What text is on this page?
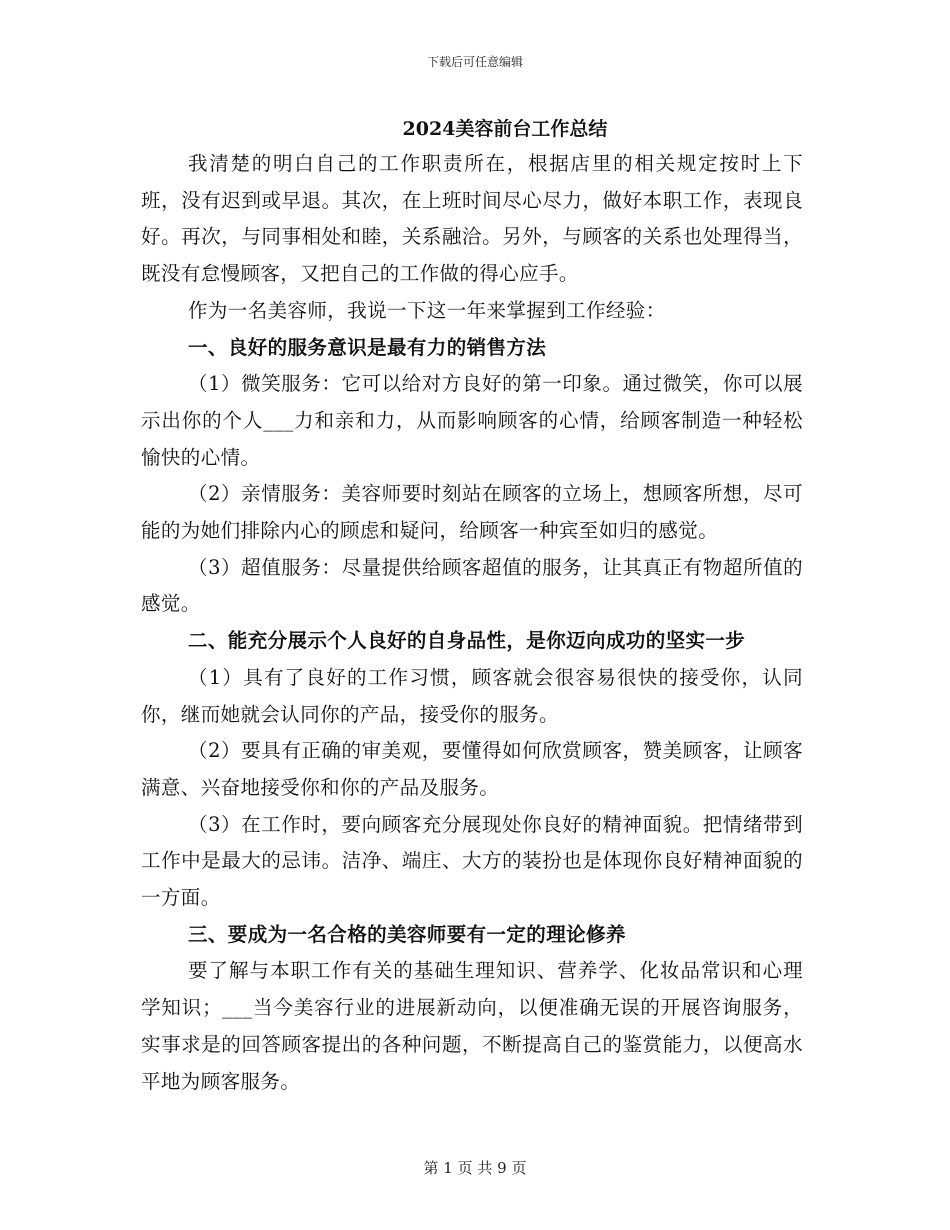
下载后可任意编辑
2024美容前台工作总结

我清楚的明白自己的工作职责所在，根据店里的相关规定按时上下班，没有迟到或早退。其次，在上班时间尽心尽力，做好本职工作，表现良好。再次，与同事相处和睦，关系融洽。另外，与顾客的关系也处理得当，既没有怠慢顾客，又把自己的工作做的得心应手。

作为一名美容师，我说一下这一年来掌握到工作经验：

一、良好的服务意识是最有力的销售方法

（1）微笑服务：它可以给对方良好的第一印象。通过微笑，你可以展示出你的个人___力和亲和力，从而影响顾客的心情，给顾客制造一种轻松愉快的心情。

（2）亲情服务：美容师要时刻站在顾客的立场上，想顾客所想，尽可能的为她们排除内心的顾虑和疑问，给顾客一种宾至如归的感觉。

（3）超值服务：尽量提供给顾客超值的服务，让其真正有物超所值的感觉。

二、能充分展示个人良好的自身品性，是你迈向成功的坚实一步

（1）具有了良好的工作习惯，顾客就会很容易很快的接受你，认同你，继而她就会认同你的产品，接受你的服务。

（2）要具有正确的审美观，要懂得如何欣赏顾客，赞美顾客，让顾客满意、兴奋地接受你和你的产品及服务。

（3）在工作时，要向顾客充分展现处你良好的精神面貌。把情绪带到工作中是最大的忌讳。洁净、端庄、大方的装扮也是体现你良好精神面貌的一方面。

三、要成为一名合格的美容师要有一定的理论修养

要了解与本职工作有关的基础生理知识、营养学、化妆品常识和心理学知识；___当今美容行业的进展新动向，以便准确无误的开展咨询服务，实事求是的回答顾客提出的各种问题，不断提高自己的鉴赏能力，以便高水平地为顾客服务。

第 1 页 共 9 页
